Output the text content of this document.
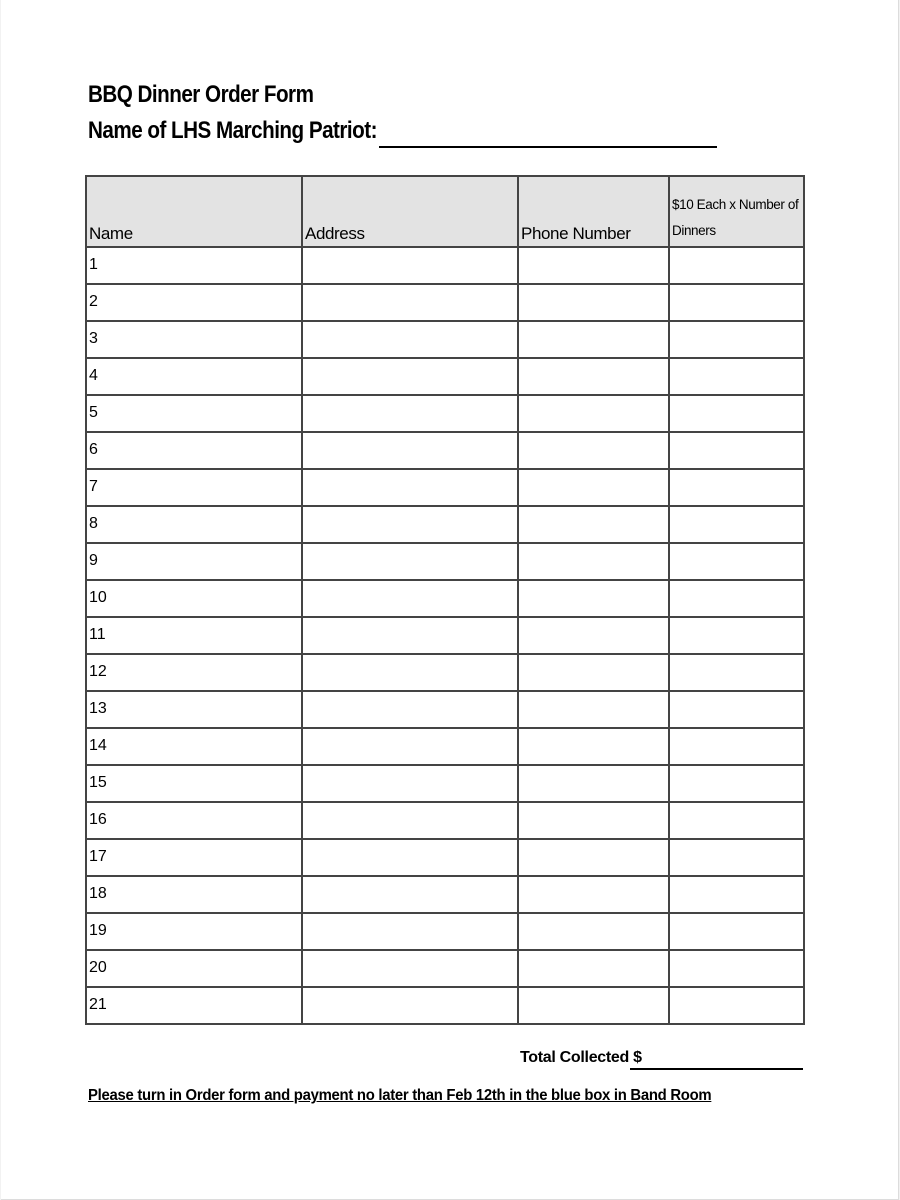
BBQ Dinner Order Form
Name of LHS Marching Patriot:
Name	Address	Phone Number	$10 Each x Number of Dinners
1			
2			
3			
4			
5			
6			
7			
8			
9			
10			
11			
12			
13			
14			
15			
16			
17			
18			
19			
20			
21			
Total Collected $
Please turn in Order form and payment no later than Feb 12th in the blue box in Band Room
